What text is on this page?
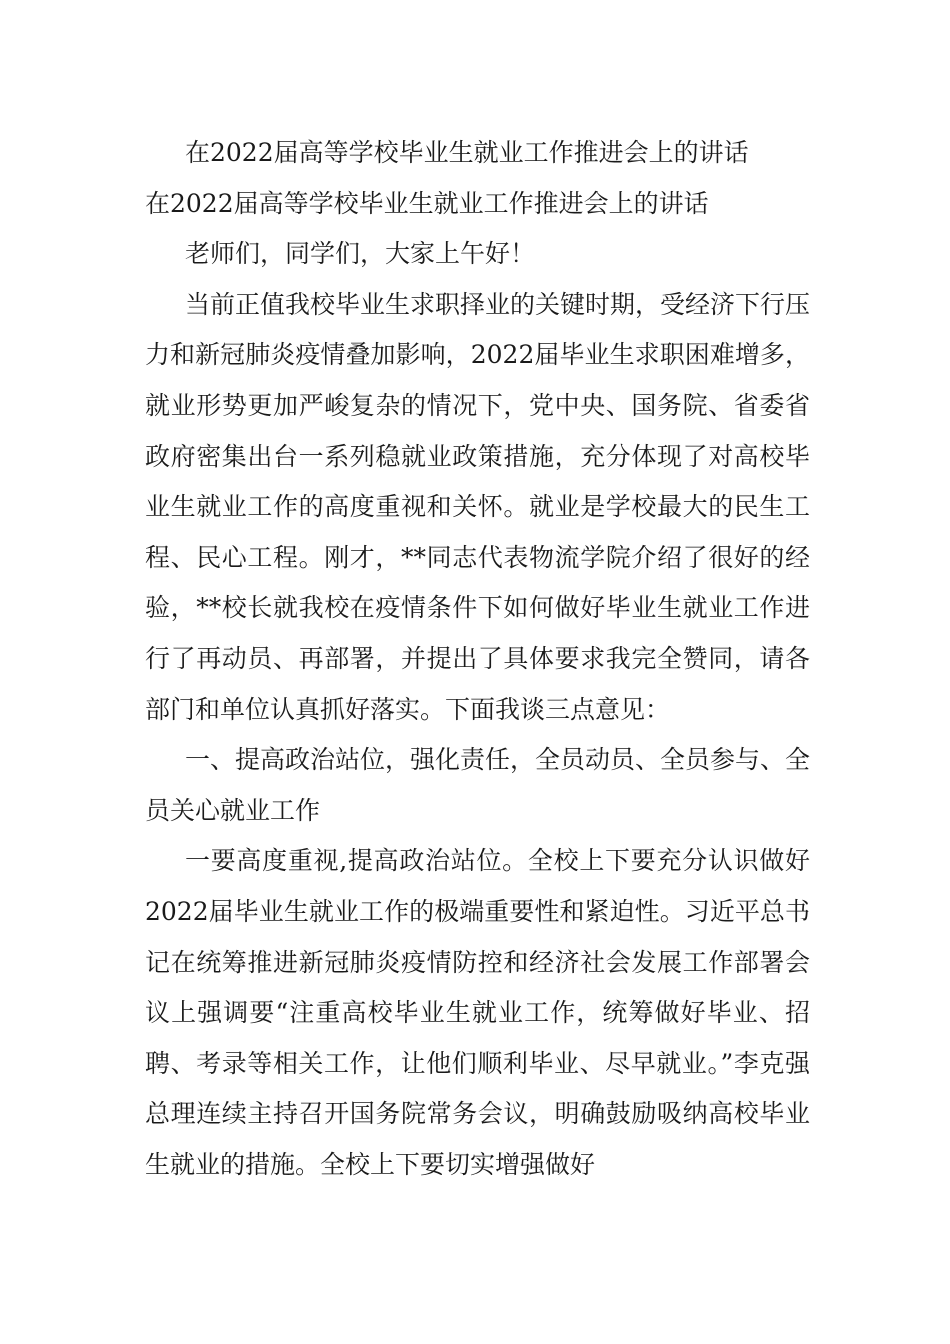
在2022届高等学校毕业生就业工作推进会上的讲话

在2022届高等学校毕业生就业工作推进会上的讲话

老师们，同学们，大家上午好！

当前正值我校毕业生求职择业的关键时期，受经济下行压力和新冠肺炎疫情叠加影响，2022届毕业生求职困难增多，就业形势更加严峻复杂的情况下，党中央、国务院、省委省政府密集出台一系列稳就业政策措施，充分体现了对高校毕业生就业工作的高度重视和关怀。就业是学校最大的民生工程、民心工程。刚才，**同志代表物流学院介绍了很好的经验，**校长就我校在疫情条件下如何做好毕业生就业工作进行了再动员、再部署，并提出了具体要求我完全赞同，请各部门和单位认真抓好落实。下面我谈三点意见：

一、提高政治站位，强化责任，全员动员、全员参与、全员关心就业工作

一要高度重视,提高政治站位。全校上下要充分认识做好2022届毕业生就业工作的极端重要性和紧迫性。习近平总书记在统筹推进新冠肺炎疫情防控和经济社会发展工作部署会议上强调要“注重高校毕业生就业工作，统筹做好毕业、招聘、考录等相关工作，让他们顺利毕业、尽早就业。”李克强总理连续主持召开国务院常务会议，明确鼓励吸纳高校毕业生就业的措施。全校上下要切实增强做好
